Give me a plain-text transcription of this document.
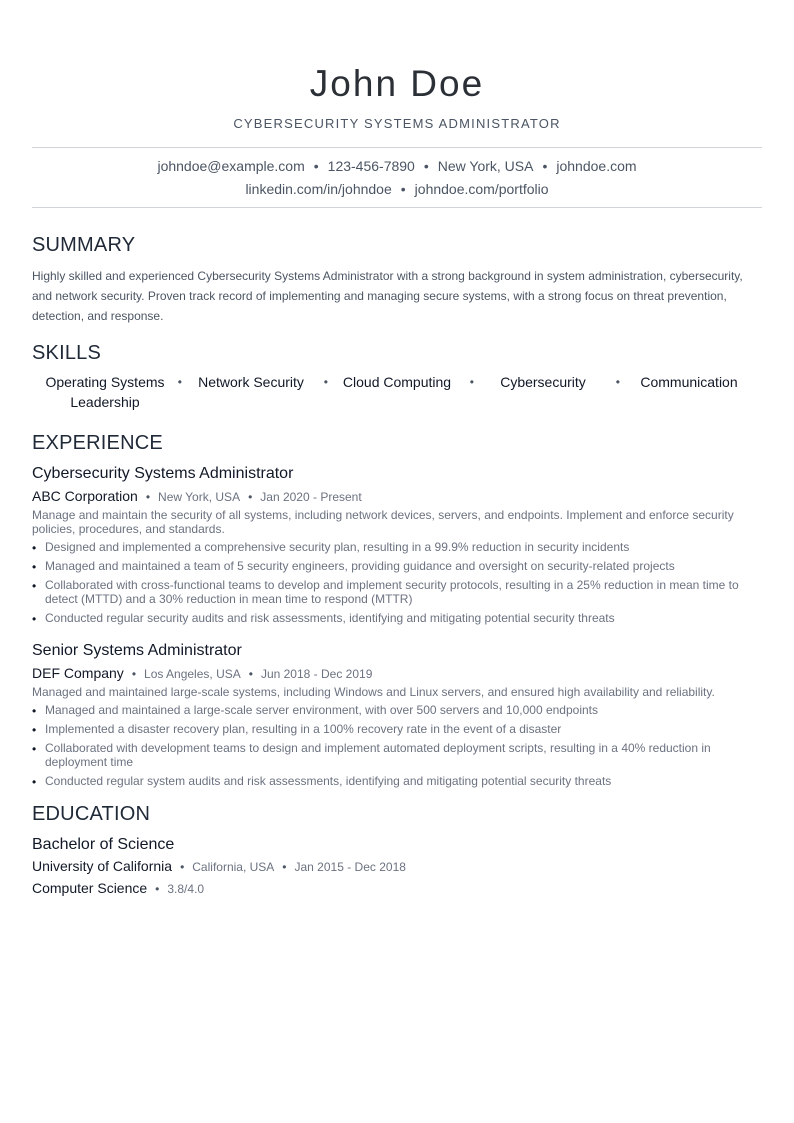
John Doe
CYBERSECURITY SYSTEMS ADMINISTRATOR
johndoe@example.com • 123-456-7890 • New York, USA • johndoe.com
linkedin.com/in/johndoe • johndoe.com/portfolio
SUMMARY
Highly skilled and experienced Cybersecurity Systems Administrator with a strong background in system administration, cybersecurity, and network security. Proven track record of implementing and managing secure systems, with a strong focus on threat prevention, detection, and response.
SKILLS
Operating Systems •	Network Security •	Cloud Computing •	Cybersecurity	•	Communication
Leadership
EXPERIENCE
Cybersecurity Systems Administrator
ABC Corporation • New York, USA • Jan 2020 - Present
Manage and maintain the security of all systems, including network devices, servers, and endpoints. Implement and enforce security policies, procedures, and standards.
• Designed and implemented a comprehensive security plan, resulting in a 99.9% reduction in security incidents
• Managed and maintained a team of 5 security engineers, providing guidance and oversight on security-related projects
• Collaborated with cross-functional teams to develop and implement security protocols, resulting in a 25% reduction in mean time to detect (MTTD) and a 30% reduction in mean time to respond (MTTR)
• Conducted regular security audits and risk assessments, identifying and mitigating potential security threats
Senior Systems Administrator
DEF Company • Los Angeles, USA • Jun 2018 - Dec 2019
Managed and maintained large-scale systems, including Windows and Linux servers, and ensured high availability and reliability.
• Managed and maintained a large-scale server environment, with over 500 servers and 10,000 endpoints
• Implemented a disaster recovery plan, resulting in a 100% recovery rate in the event of a disaster
• Collaborated with development teams to design and implement automated deployment scripts, resulting in a 40% reduction in deployment time
• Conducted regular system audits and risk assessments, identifying and mitigating potential security threats
EDUCATION
Bachelor of Science
University of California • California, USA • Jan 2015 - Dec 2018
Computer Science • 3.8/4.0
